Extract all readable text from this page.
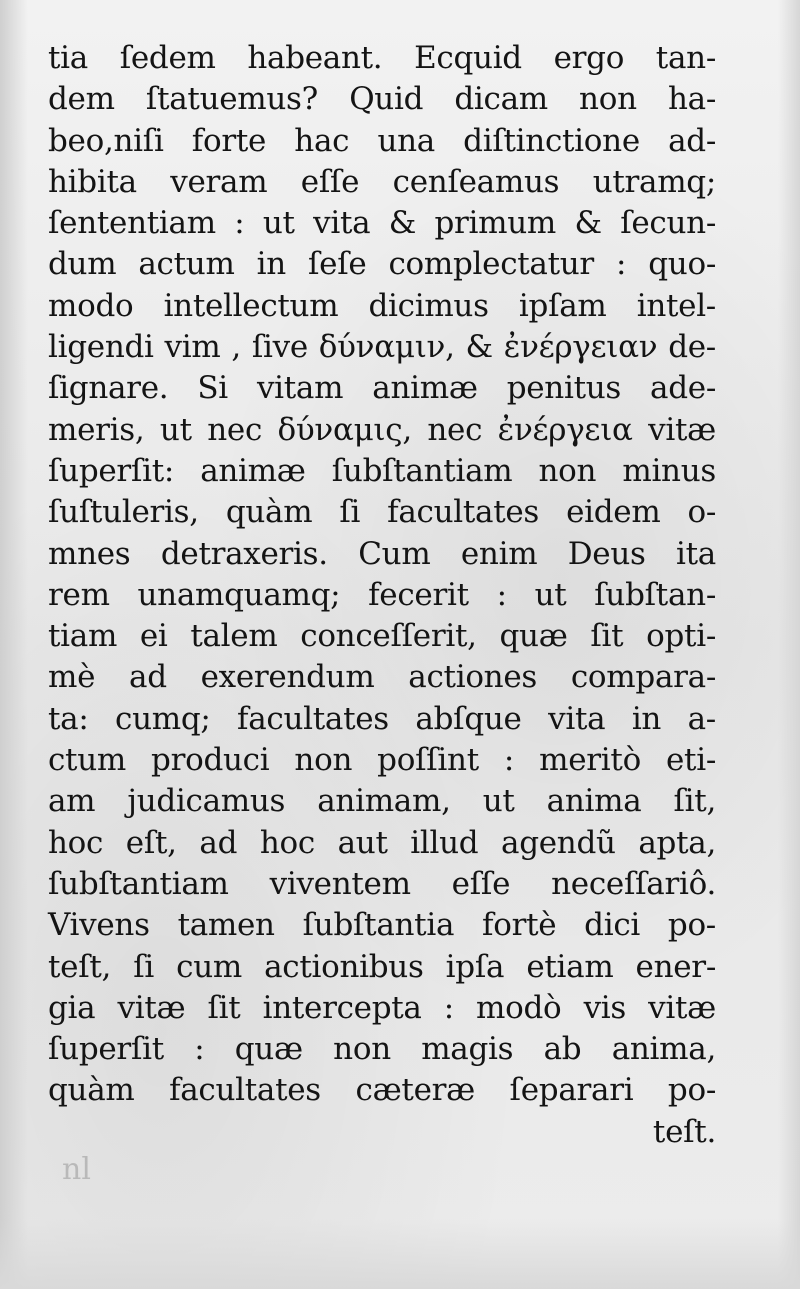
tia ſedem habeant. Ecquid ergo tan-
dem ſtatuemus? Quid dicam non ha-
beo,niſi forte hac una diſtinctione ad-
hibita veram eſſe cenſeamus utramq;
ſententiam : ut vita & primum & ſecun-
dum actum in ſeſe complectatur : quo-
modo intellectum dicimus ipſam intel-
ligendi vim , ſive δύναμιν, & ἐνέργειαν de-
ſignare. Si vitam animæ penitus ade-
meris, ut nec δύναμις, nec ἐνέργεια vitæ
ſuperſit: animæ ſubſtantiam non minus
ſuſtuleris, quàm ſi facultates eidem o-
mnes detraxeris. Cum enim Deus ita
rem unamquamq; fecerit : ut ſubſtan-
tiam ei talem conceſſerit, quæ ſit opti-
mè ad exerendum actiones compara-
ta: cumq; facultates abſque vita in a-
ctum produci non poſſint : meritò eti-
am judicamus animam, ut anima ſit,
hoc eſt, ad hoc aut illud agendũ apta,
ſubſtantiam viventem eſſe neceſſariô.
Vivens tamen ſubſtantia fortè dici po-
teſt, ſi cum actionibus ipſa etiam ener-
gia vitæ ſit intercepta : modò vis vitæ
ſuperſit : quæ non magis ab anima,
quàm facultates cæteræ ſeparari po-
teſt.
nl
